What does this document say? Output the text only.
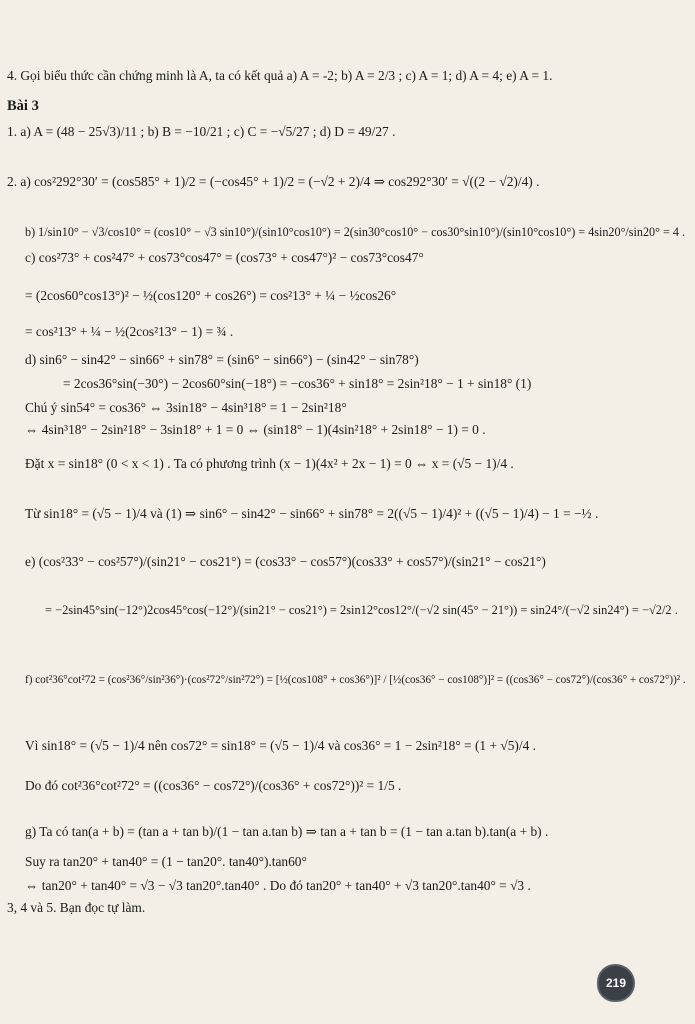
4. Gọi biểu thức cần chứng minh là A, ta có kết quả a) A = -2; b) A = 2/3 ; c) A = 1; d) A = 4; e) A = 1.
Bài 3
1. a) A = (48 − 25√3)/11 ; b) B = −10/21 ; c) C = −√5/27 ; d) D = 49/27 .
2. a) cos²292°30′ = (cos585° + 1)/2 = (−cos45° + 1)/2 = (−√2 + 2)/4 ⇒ cos292°30′ = √((2 − √2)/4) .
b) 1/sin10° − √3/cos10° = (cos10° − √3 sin10°)/(sin10°cos10°) = 2(sin30°cos10° − cos30°sin10°)/(sin10°cos10°) = 4sin20°/sin20° = 4 .
c) cos²73° + cos²47° + cos73°cos47° = (cos73° + cos47°)² − cos73°cos47°
= (2cos60°cos13°)² − ½(cos120° + cos26°) = cos²13° + ¼ − ½cos26°
= cos²13° + ¼ − ½(2cos²13° − 1) = ¾ .
d) sin6° − sin42° − sin66° + sin78° = (sin6° − sin66°) − (sin42° − sin78°)
= 2cos36°sin(−30°) − 2cos60°sin(−18°) = −cos36° + sin18° = 2sin²18° − 1 + sin18° (1)
Chú ý sin54° = cos36° ⇔ 3sin18° − 4sin³18° = 1 − 2sin²18°
⇔ 4sin³18° − 2sin²18° − 3sin18° + 1 = 0 ⇔ (sin18° − 1)(4sin²18° + 2sin18° − 1) = 0 .
Đặt x = sin18° (0 < x < 1) . Ta có phương trình (x − 1)(4x² + 2x − 1) = 0 ⇔ x = (√5 − 1)/4 .
Từ sin18° = (√5 − 1)/4 và (1) ⇒ sin6° − sin42° − sin66° + sin78° = 2((√5 − 1)/4)² + ((√5 − 1)/4) − 1 = −½ .
e) (cos²33° − cos²57°)/(sin21° − cos21°) = (cos33° − cos57°)(cos33° + cos57°)/(sin21° − cos21°)
= −2sin45°sin(−12°)2cos45°cos(−12°)/(sin21° − cos21°) = 2sin12°cos12°/(−√2 sin(45° − 21°)) = sin24°/(−√2 sin24°) = −√2/2 .
f) cot²36°cot²72 = (cos²36°/sin²36°)·(cos²72°/sin²72°) = [½(cos108° + cos36°)]² / [½(cos36° − cos108°)]² = ((cos36° − cos72°)/(cos36° + cos72°))² .
Vì sin18° = (√5 − 1)/4 nên cos72° = sin18° = (√5 − 1)/4 và cos36° = 1 − 2sin²18° = (1 + √5)/4 .
Do đó cot²36°cot²72° = ((cos36° − cos72°)/(cos36° + cos72°))² = 1/5 .
g) Ta có tan(a + b) = (tan a + tan b)/(1 − tan a.tan b) ⇒ tan a + tan b = (1 − tan a.tan b).tan(a + b) .
Suy ra tan20° + tan40° = (1 − tan20°. tan40°).tan60°
⇔ tan20° + tan40° = √3 − √3 tan20°.tan40° . Do đó tan20° + tan40° + √3 tan20°.tan40° = √3 .
3, 4 và 5. Bạn đọc tự làm.
219
